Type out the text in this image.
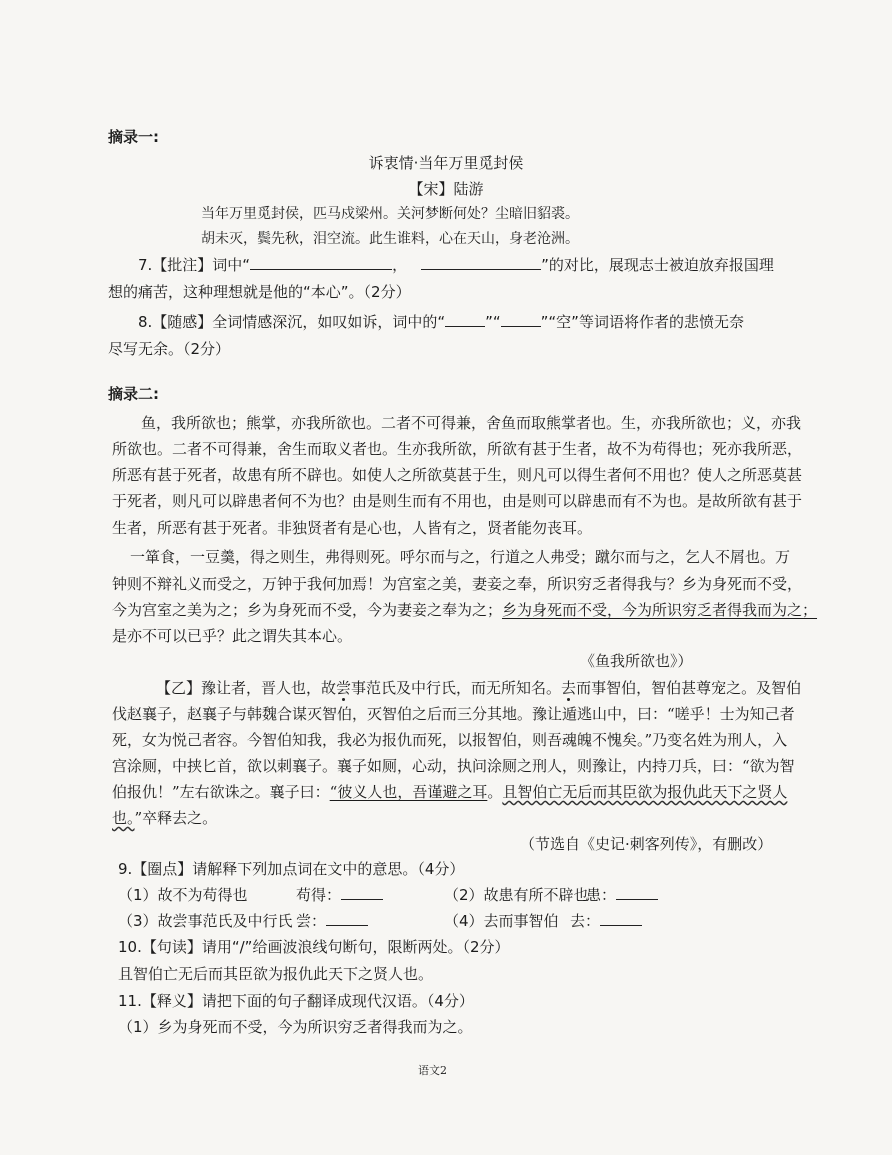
摘录一:
诉衷情·当年万里觅封侯
【宋】陆游
当年万里觅封侯，匹马戍梁州。关河梦断何处？尘暗旧貂裘。
胡未灭，鬓先秋，泪空流。此生谁料，心在天山，身老沧洲。
7.【批注】词中“	，	”的对比，展现志士被迫放弃报国理
想的痛苦，这种理想就是他的“本心”。（2分）
8.【随感】全词情感深沉，如叹如诉，词中的“	”“	”“空”等词语将作者的悲愤无奈
尽写无余。（2分）
摘录二:
鱼，我所欲也；熊掌，亦我所欲也。二者不可得兼，舍鱼而取熊掌者也。生，亦我所欲也；义，亦我
所欲也。二者不可得兼，舍生而取义者也。生亦我所欲，所欲有甚于生者，故不为苟得也；死亦我所恶，
所恶有甚于死者，故患有所不辟也。如使人之所欲莫甚于生，则凡可以得生者何不用也？使人之所恶莫甚
于死者，则凡可以辟患者何不为也？由是则生而有不用也，由是则可以辟患而有不为也。是故所欲有甚于
生者，所恶有甚于死者。非独贤者有是心也，人皆有之，贤者能勿丧耳。
一箪食，一豆羹，得之则生，弗得则死。呼尔而与之，行道之人弗受；蹴尔而与之，乞人不屑也。万
钟则不辩礼义而受之，万钟于我何加焉！为宫室之美，妻妾之奉，所识穷乏者得我与？乡为身死而不受，
今为宫室之美为之；乡为身死而不受，今为妻妾之奉为之；乡为身死而不受，今为所识穷乏者得我而为之；
是亦不可以已乎？此之谓失其本心。
《鱼我所欲也》）
【乙】豫让者，晋人也，故尝事范氏及中行氏，而无所知名。去而事智伯，智伯甚尊宠之。及智伯
伐赵襄子，赵襄子与韩魏合谋灭智伯，灭智伯之后而三分其地。豫让遁逃山中，曰：“嗟乎！士为知己者
死，女为悦己者容。今智伯知我，我必为报仇而死，以报智伯，则吾魂魄不愧矣。”乃变名姓为刑人，入
宫涂厕，中挟匕首，欲以刺襄子。襄子如厕，心动，执问涂厕之刑人，则豫让，内持刀兵，曰：“欲为智
伯报仇！”左右欲诛之。襄子曰：“彼义人也，吾谨避之耳。且智伯亡无后而其臣欲为报仇此天下之贤人
也。”卒释去之。
（节选自《史记·刺客列传》，有删改）
9.【圈点】请解释下列加点词在文中的意思。（4分）
（1）故不为苟得也	苟得：	（2）故患有所不辟也
患：
（3）故尝事范氏及中行氏 尝：	（4）去而事智伯 去：
10.【句读】请用“/”给画波浪线句断句，限断两处。（2分）
且智伯亡无后而其臣欲为报仇此天下之贤人也。
11.【释义】请把下面的句子翻译成现代汉语。（4分）
（1）乡为身死而不受，今为所识穷乏者得我而为之。
语文2
